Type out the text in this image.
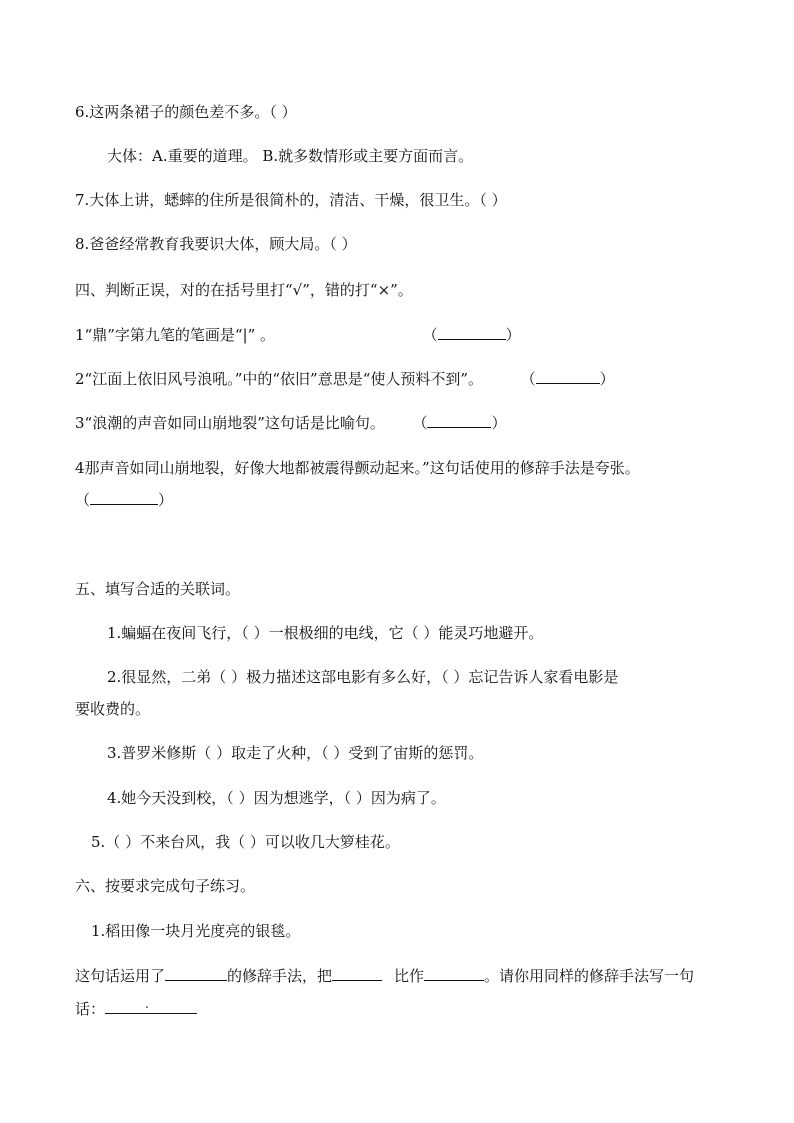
6.这两条裙子的颜色差不多。（ ）
大体：A.重要的道理。 B.就多数情形或主要方面而言。
7.大体上讲，蟋蟀的住所是很简朴的，清洁、干燥，很卫生。（ ）
8.爸爸经常教育我要识大体，顾大局。（ ）
四、判断正误，对的在括号里打“√”，错的打“×”。
1“鼎”字第九笔的笔画是“|” 。	（	）
2“江面上依旧风号浪吼。”中的“依旧”意思是“使人预料不到”。	（	）
3“浪潮的声音如同山崩地裂”这句话是比喻句。 （	）
4那声音如同山崩地裂，好像大地都被震得颤动起来。”这句话使用的修辞手法是夸张。
（	）
五、填写合适的关联词。
1.蝙蝠在夜间飞行，（ ）一根极细的电线，它（ ）能灵巧地避开。
2.很显然，二弟（ ）极力描述这部电影有多么好，（ ）忘记告诉人家看电影是
要收费的。
3.普罗米修斯（ ）取走了火种，（ ）受到了宙斯的惩罚。
4.她今天没到校，（ ）因为想逃学，（ ）因为病了。
5.（ ）不来台风，我（ ）可以收几大箩桂花。
六、按要求完成句子练习。
1.稻田像一块月光度亮的银毯。
这句话运用了	的修辞手法，把	比作	。请你用同样的修辞手法写一句
话：	.
